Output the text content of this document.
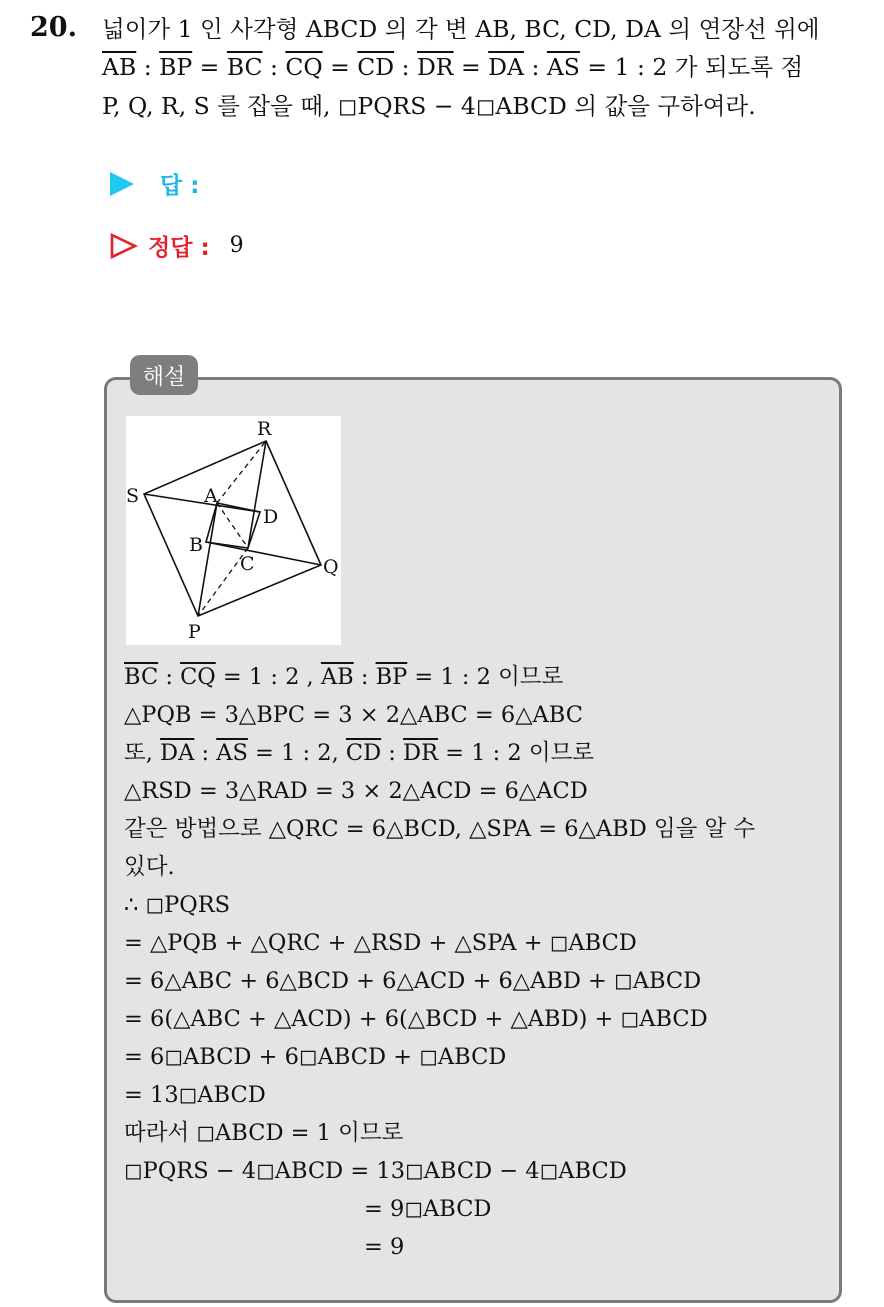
20. 넓이가 1 인 사각형 ABCD 의 각 변 AB, BC, CD, DA 의 연장선 위에
$\overline{AB}$ : $\overline{BP} = \overline{BC}$ : $\overline{CQ} = \overline{CD}$ : $\overline{DR} = \overline{DA}$ : $\overline{AS} = 1$ : 2 가 되도록 점
P, Q, R, S 를 잡을 때, ◻PQRS − 4◻ABCD 의 값을 구하여라.
답 :
정답 : 9
해설
R
S	A
D
B
C	Q
P
$\overline{BC}$ : $\overline{CQ} = 1$ : 2 , $\overline{AB}$ : $\overline{BP} = 1$ : 2 이므로
△PQB = 3△BPC = 3 × 2△ABC = 6△ABC
또, $\overline{DA}$ : $\overline{AS} = 1$ : 2, $\overline{CD}$ : $\overline{DR} = 1$ : 2 이므로
△RSD = 3△RAD = 3 × 2△ACD = 6△ACD
같은 방법으로 △QRC = 6△BCD, △SPA = 6△ABD 임을 알 수
있다.
∴ ◻PQRS
= △PQB + △QRC + △RSD + △SPA + ◻ABCD
= 6△ABC + 6△BCD + 6△ACD + 6△ABD + ◻ABCD
= 6(△ABC + △ACD) + 6(△BCD + △ABD) + ◻ABCD
= 6◻ABCD + 6◻ABCD + ◻ABCD
= 13◻ABCD
따라서 ◻ABCD = 1 이므로
◻PQRS − 4◻ABCD = 13◻ABCD − 4◻ABCD
= 9◻ABCD
= 9
